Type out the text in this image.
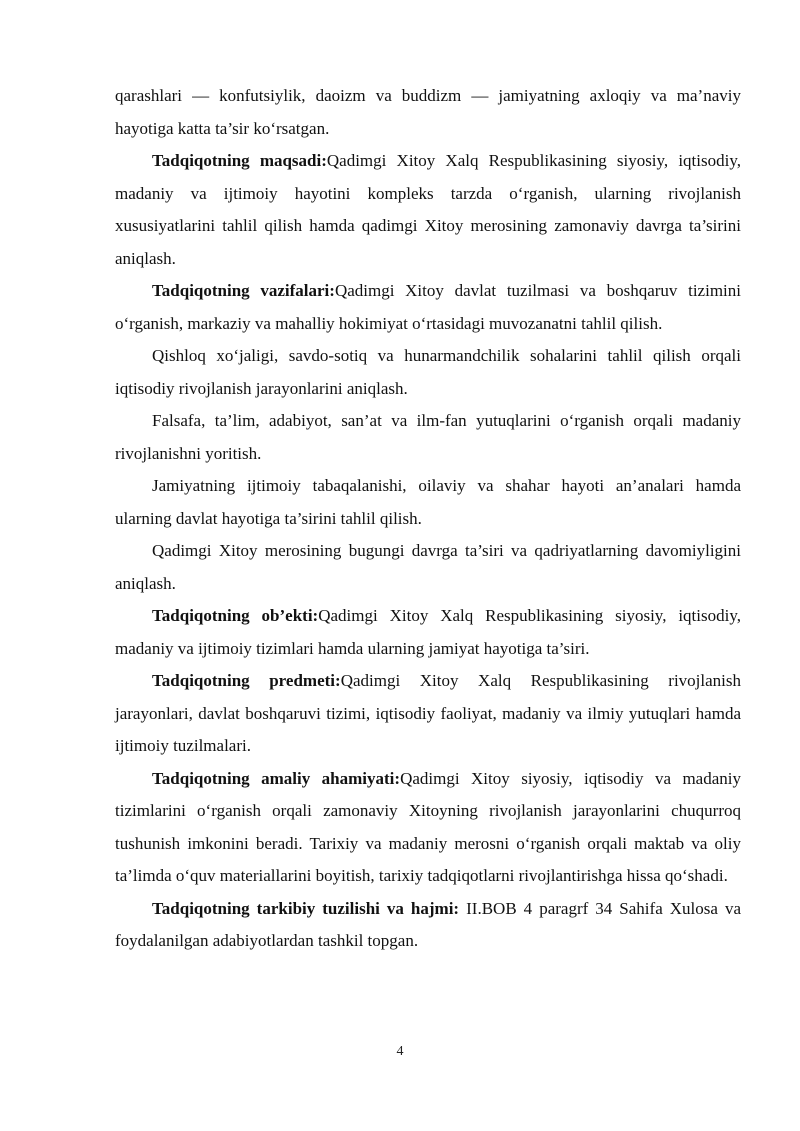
qarashlari — konfutsiylik, daoizm va buddizm — jamiyatning axloqiy va ma’naviy hayotiga katta ta’sir ko‘rsatgan.

Tadqiqotning maqsadi:Qadimgi Xitoy Xalq Respublikasining siyosiy, iqtisodiy, madaniy va ijtimoiy hayotini kompleks tarzda o‘rganish, ularning rivojlanish xususiyatlarini tahlil qilish hamda qadimgi Xitoy merosining zamonaviy davrga ta’sirini aniqlash.

Tadqiqotning vazifalari:Qadimgi Xitoy davlat tuzilmasi va boshqaruv tizimini o‘rganish, markaziy va mahalliy hokimiyat o‘rtasidagi muvozanatni tahlil qilish.

Qishloq xo‘jaligi, savdo-sotiq va hunarmandchilik sohalarini tahlil qilish orqali iqtisodiy rivojlanish jarayonlarini aniqlash.

Falsafa, ta’lim, adabiyot, san’at va ilm-fan yutuqlarini o‘rganish orqali madaniy rivojlanishni yoritish.

Jamiyatning ijtimoiy tabaqalanishi, oilaviy va shahar hayoti an’analari hamda ularning davlat hayotiga ta’sirini tahlil qilish.

Qadimgi Xitoy merosining bugungi davrga ta’siri va qadriyatlarning davomiyligini aniqlash.

Tadqiqotning ob’ekti:Qadimgi Xitoy Xalq Respublikasining siyosiy, iqtisodiy, madaniy va ijtimoiy tizimlari hamda ularning jamiyat hayotiga ta’siri.

Tadqiqotning predmeti:Qadimgi Xitoy Xalq Respublikasining rivojlanish jarayonlari, davlat boshqaruvi tizimi, iqtisodiy faoliyat, madaniy va ilmiy yutuqlari hamda ijtimoiy tuzilmalari.

Tadqiqotning amaliy ahamiyati:Qadimgi Xitoy siyosiy, iqtisodiy va madaniy tizimlarini o‘rganish orqali zamonaviy Xitoyning rivojlanish jarayonlarini chuqurroq tushunish imkonini beradi. Tarixiy va madaniy merosni o‘rganish orqali maktab va oliy ta’limda o‘quv materiallarini boyitish, tarixiy tadqiqotlarni rivojlantirishga hissa qo‘shadi.

Tadqiqotning tarkibiy tuzilishi va hajmi: II.BOB 4 paragrf 34 Sahifa Xulosa va foydalanilgan adabiyotlardan tashkil topgan.

4
